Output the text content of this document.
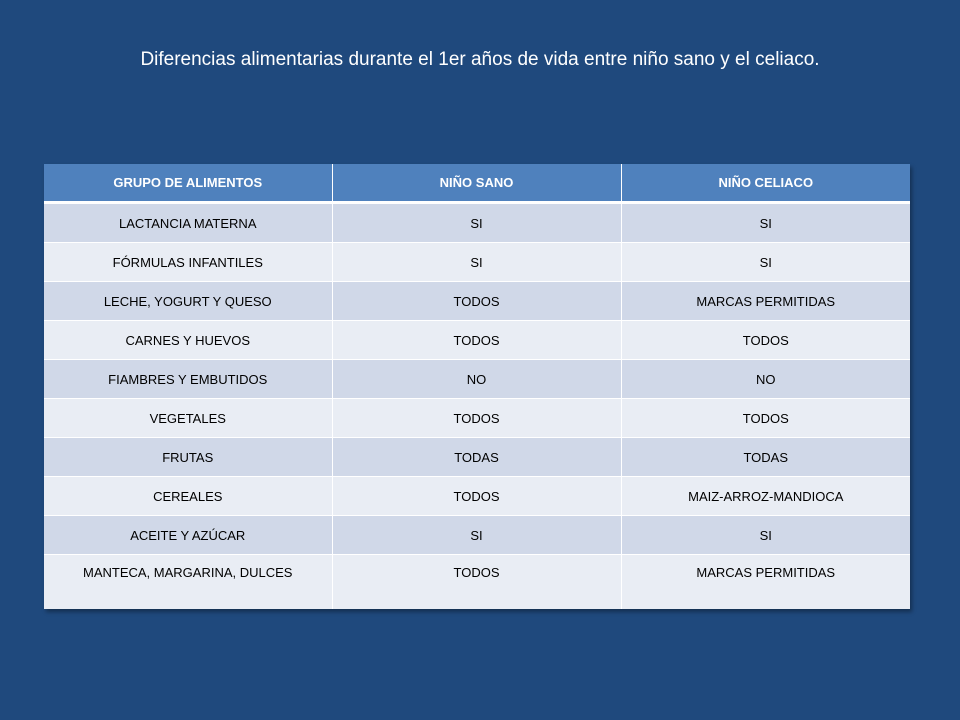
Diferencias alimentarias durante el 1er años de vida entre niño sano y el celiaco.
GRUPO DE ALIMENTOS	NIÑO SANO	NIÑO CELIACO
LACTANCIA MATERNA	SI	SI
FÓRMULAS INFANTILES	SI	SI
LECHE, YOGURT Y QUESO	TODOS	MARCAS PERMITIDAS
CARNES Y HUEVOS	TODOS	TODOS
FIAMBRES Y EMBUTIDOS	NO	NO
VEGETALES	TODOS	TODOS
FRUTAS	TODAS	TODAS
CEREALES	TODOS	MAIZ-ARROZ-MANDIOCA
ACEITE Y AZÚCAR	SI	SI
MANTECA, MARGARINA, DULCES	TODOS	MARCAS PERMITIDAS
